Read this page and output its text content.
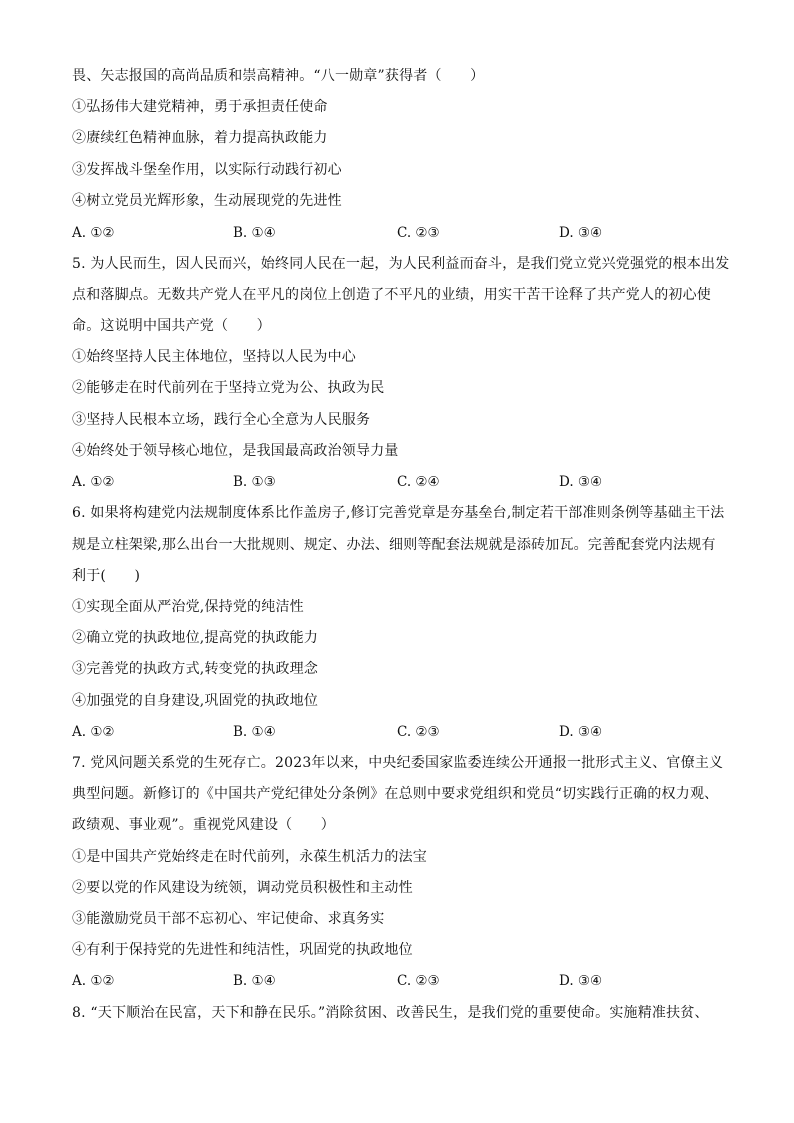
畏、矢志报国的高尚品质和崇高精神。“八一勋章”获得者（　　）
①弘扬伟大建党精神，勇于承担责任使命
②赓续红色精神血脉，着力提高执政能力
③发挥战斗堡垒作用，以实际行动践行初心
④树立党员光辉形象，生动展现党的先进性
A. ①②	B. ①④	C. ②③	D. ③④
5. 为人民而生，因人民而兴，始终同人民在一起，为人民利益而奋斗，是我们党立党兴党强党的根本出发
点和落脚点。无数共产党人在平凡的岗位上创造了不平凡的业绩，用实干苦干诠释了共产党人的初心使
命。这说明中国共产党（　　）
①始终坚持人民主体地位，坚持以人民为中心
②能够走在时代前列在于坚持立党为公、执政为民
③坚持人民根本立场，践行全心全意为人民服务
④始终处于领导核心地位，是我国最高政治领导力量
A. ①②	B. ①③	C. ②④	D. ③④
6. 如果将构建党内法规制度体系比作盖房子,修订完善党章是夯基垒台,制定若干部准则条例等基础主干法
规是立柱架梁,那么出台一大批规则、规定、办法、细则等配套法规就是添砖加瓦。完善配套党内法规有
利于(　　)
①实现全面从严治党,保持党的纯洁性
②确立党的执政地位,提高党的执政能力
③完善党的执政方式,转变党的执政理念
④加强党的自身建设,巩固党的执政地位
A. ①②	B. ①④	C. ②③	D. ③④
7. 党风问题关系党的生死存亡。2023年以来，中央纪委国家监委连续公开通报一批形式主义、官僚主义
典型问题。新修订的《中国共产党纪律处分条例》在总则中要求党组织和党员“切实践行正确的权力观、
政绩观、事业观”。重视党风建设（　　）
①是中国共产党始终走在时代前列，永葆生机活力的法宝
②要以党的作风建设为统领，调动党员积极性和主动性
③能激励党员干部不忘初心、牢记使命、求真务实
④有利于保持党的先进性和纯洁性，巩固党的执政地位
A. ①②	B. ①④	C. ②③	D. ③④
8. “天下顺治在民富，天下和静在民乐。”消除贫困、改善民生，是我们党的重要使命。实施精准扶贫、
